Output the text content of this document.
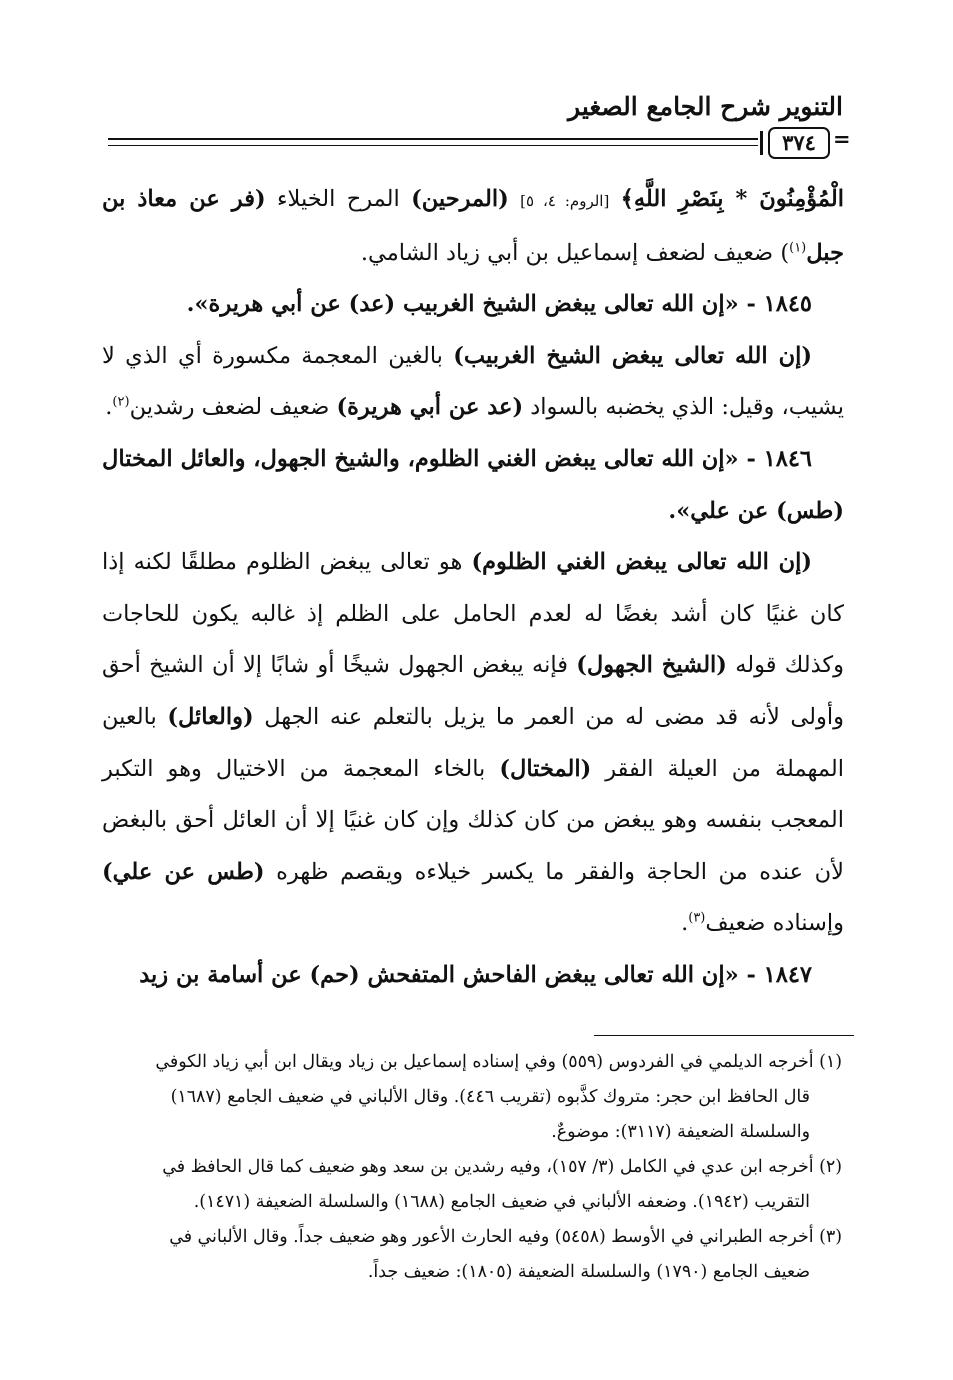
التنوير شرح الجامع الصغير
٣٧٤ =

الْمُؤْمِنُونَ * بِنَصْرِ اللَّهِ﴾ [الروم: ٤، ٥] (المرحين) المرح الخيلاء (فر عن معاذ بن جبل$^{(١)}$) ضعيف لضعف إسماعيل بن أبي زياد الشامي.

١٨٤٥ - «إن الله تعالى يبغض الشيخ الغربيب (عد) عن أبي هريرة».

(إن الله تعالى يبغض الشيخ الغربيب) بالغين المعجمة مكسورة أي الذي لا يشيب، وقيل: الذي يخضبه بالسواد (عد عن أبي هريرة) ضعيف لضعف رشدين$^{(٢)}$.

١٨٤٦ - «إن الله تعالى يبغض الغني الظلوم، والشيخ الجهول، والعائل المختال (طس) عن علي».

(إن الله تعالى يبغض الغني الظلوم) هو تعالى يبغض الظلوم مطلقًا لكنه إذا كان غنيًا كان أشد بغضًا له لعدم الحامل على الظلم إذ غالبه يكون للحاجات وكذلك قوله (الشيخ الجهول) فإنه يبغض الجهول شيخًا أو شابًا إلا أن الشيخ أحق وأولى لأنه قد مضى له من العمر ما يزيل بالتعلم عنه الجهل (والعائل) بالعين المهملة من العيلة الفقر (المختال) بالخاء المعجمة من الاختيال وهو التكبر المعجب بنفسه وهو يبغض من كان كذلك وإن كان غنيًا إلا أن العائل أحق بالبغض لأن عنده من الحاجة والفقر ما يكسر خيلاءه ويقصم ظهره (طس عن علي) وإسناده ضعيف$^{(٣)}$.

١٨٤٧ - «إن الله تعالى يبغض الفاحش المتفحش (حم) عن أسامة بن زيد

(١) أخرجه الديلمي في الفردوس (٥٥٩) وفي إسناده إسماعيل بن زياد ويقال ابن أبي زياد الكوفي

قال الحافظ ابن حجر: متروك كذَّبوه (تقريب ٤٤٦). وقال الألباني في ضعيف الجامع (١٦٨٧)

والسلسلة الضعيفة (٣١١٧): موضوعٌ.

(٢) أخرجه ابن عدي في الكامل (٣/ ١٥٧)، وفيه رشدين بن سعد وهو ضعيف كما قال الحافظ في

التقريب (١٩٤٢). وضعفه الألباني في ضعيف الجامع (١٦٨٨) والسلسلة الضعيفة (١٤٧١).

(٣) أخرجه الطبراني في الأوسط (٥٤٥٨) وفيه الحارث الأعور وهو ضعيف جداً. وقال الألباني في

ضعيف الجامع (١٧٩٠) والسلسلة الضعيفة (١٨٠٥): ضعيف جداً.
